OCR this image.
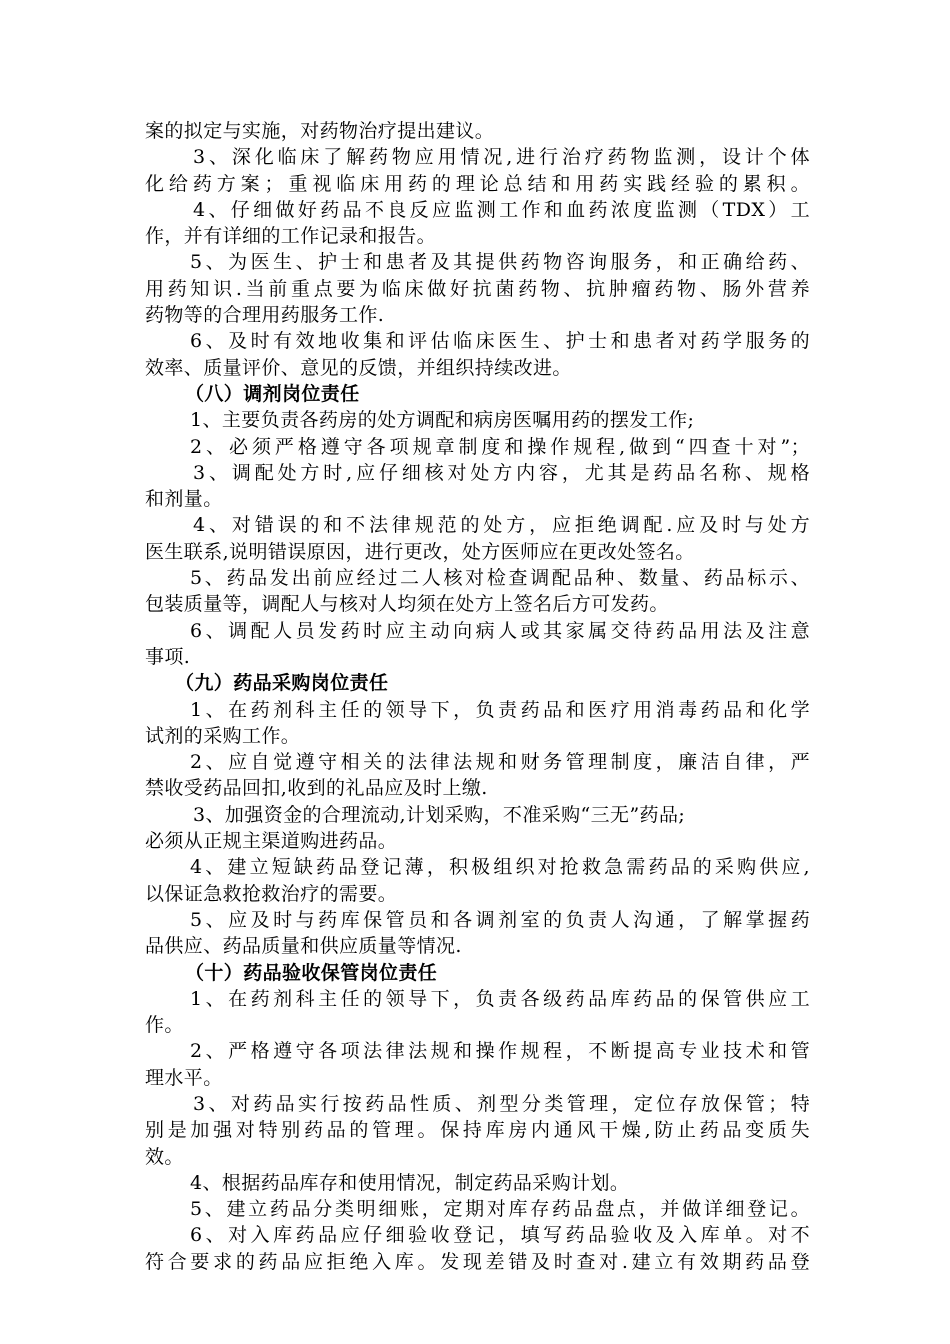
案的拟定与实施，对药物治疗提出建议。
3、深化临床了解药物应用情况,进行治疗药物监测，设计个体
化给药方案；重视临床用药的理论总结和用药实践经验的累积。
4、仔细做好药品不良反应监测工作和血药浓度监测（TDX）工
作，并有详细的工作记录和报告。
5、为医生、护士和患者及其提供药物咨询服务，和正确给药、
用药知识.当前重点要为临床做好抗菌药物、抗肿瘤药物、肠外营养
药物等的合理用药服务工作.
6、及时有效地收集和评估临床医生、护士和患者对药学服务的
效率、质量评价、意见的反馈，并组织持续改进。
（八）调剂岗位责任
1、主要负责各药房的处方调配和病房医嘱用药的摆发工作;
2、必须严格遵守各项规章制度和操作规程,做到“四查十对”；
3、调配处方时,应仔细核对处方内容，尤其是药品名称、规格
和剂量。
4、对错误的和不法律规范的处方，应拒绝调配.应及时与处方
医生联系,说明错误原因，进行更改，处方医师应在更改处签名。
5、药品发出前应经过二人核对检查调配品种、数量、药品标示、
包装质量等，调配人与核对人均须在处方上签名后方可发药。
6、调配人员发药时应主动向病人或其家属交待药品用法及注意
事项.
（九）药品采购岗位责任
1、在药剂科主任的领导下，负责药品和医疗用消毒药品和化学
试剂的采购工作。
2、应自觉遵守相关的法律法规和财务管理制度，廉洁自律，严
禁收受药品回扣,收到的礼品应及时上缴.
3、加强资金的合理流动,计划采购，不准采购“三无”药品;
必须从正规主渠道购进药品。
4、建立短缺药品登记薄，积极组织对抢救急需药品的采购供应,
以保证急救抢救治疗的需要。
5、应及时与药库保管员和各调剂室的负责人沟通，了解掌握药
品供应、药品质量和供应质量等情况.
（十）药品验收保管岗位责任
1、在药剂科主任的领导下，负责各级药品库药品的保管供应工
作。
2、严格遵守各项法律法规和操作规程，不断提高专业技术和管
理水平。
3、对药品实行按药品性质、剂型分类管理，定位存放保管；特
别是加强对特别药品的管理。保持库房内通风干燥,防止药品变质失
效。
4、根据药品库存和使用情况，制定药品采购计划。
5、建立药品分类明细账，定期对库存药品盘点，并做详细登记。
6、对入库药品应仔细验收登记，填写药品验收及入库单。对不
符合要求的药品应拒绝入库。发现差错及时查对.建立有效期药品登
